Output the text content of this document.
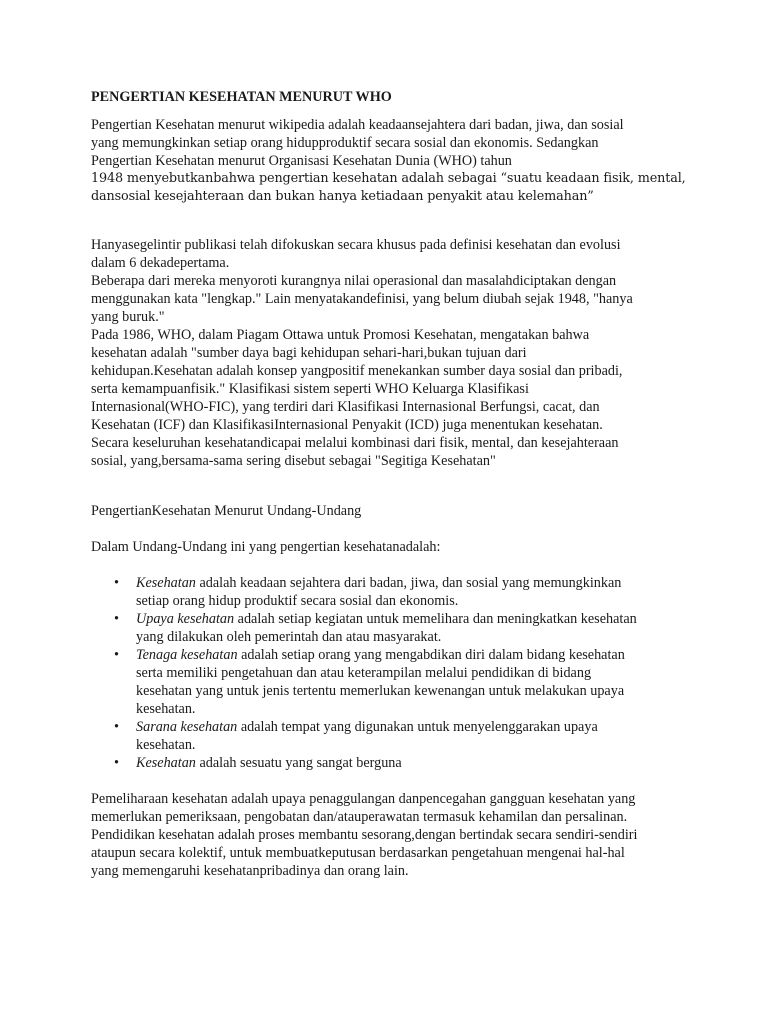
PENGERTIAN KESEHATAN MENURUT WHO
Pengertian Kesehatan menurut wikipedia adalah keadaansejahtera dari badan, jiwa, dan sosial
yang memungkinkan setiap orang hidupproduktif secara sosial dan ekonomis. Sedangkan
Pengertian Kesehatan menurut Organisasi Kesehatan Dunia (WHO) tahun
1948 menyebutkanbahwa pengertian kesehatan adalah sebagai “suatu keadaan fisik, mental,
dansosial kesejahteraan dan bukan hanya ketiadaan penyakit atau kelemahan”
Hanyasegelintir publikasi telah difokuskan secara khusus pada definisi kesehatan dan evolusi
dalam 6 dekadepertama.
Beberapa dari mereka menyoroti kurangnya nilai operasional dan masalahdiciptakan dengan
menggunakan kata "lengkap." Lain menyatakandefinisi, yang belum diubah sejak 1948, "hanya
yang buruk."
Pada 1986, WHO, dalam Piagam Ottawa untuk Promosi Kesehatan, mengatakan bahwa
kesehatan adalah "sumber daya bagi kehidupan sehari-hari,bukan tujuan dari
kehidupan.Kesehatan adalah konsep yangpositif menekankan sumber daya sosial dan pribadi,
serta kemampuanfisik." Klasifikasi sistem seperti WHO Keluarga Klasifikasi
Internasional(WHO-FIC), yang terdiri dari Klasifikasi Internasional Berfungsi, cacat, dan
Kesehatan (ICF) dan KlasifikasiInternasional Penyakit (ICD) juga menentukan kesehatan.
Secara keseluruhan kesehatandicapai melalui kombinasi dari fisik, mental, dan kesejahteraan
sosial, yang,bersama-sama sering disebut sebagai "Segitiga Kesehatan"
PengertianKesehatan Menurut Undang-Undang
Dalam Undang-Undang ini yang pengertian kesehatanadalah:
• Kesehatan adalah keadaan sejahtera dari badan, jiwa, dan sosial yang memungkinkan
setiap orang hidup produktif secara sosial dan ekonomis.
• Upaya kesehatan adalah setiap kegiatan untuk memelihara dan meningkatkan kesehatan
yang dilakukan oleh pemerintah dan atau masyarakat.
• Tenaga kesehatan adalah setiap orang yang mengabdikan diri dalam bidang kesehatan
serta memiliki pengetahuan dan atau keterampilan melalui pendidikan di bidang
kesehatan yang untuk jenis tertentu memerlukan kewenangan untuk melakukan upaya
kesehatan.
• Sarana kesehatan adalah tempat yang digunakan untuk menyelenggarakan upaya
kesehatan.
• Kesehatan adalah sesuatu yang sangat berguna
Pemeliharaan kesehatan adalah upaya penaggulangan danpencegahan gangguan kesehatan yang
memerlukan pemeriksaan, pengobatan dan/atauperawatan termasuk kehamilan dan persalinan.
Pendidikan kesehatan adalah proses membantu sesorang,dengan bertindak secara sendiri-sendiri
ataupun secara kolektif, untuk membuatkeputusan berdasarkan pengetahuan mengenai hal-hal
yang memengaruhi kesehatanpribadinya dan orang lain.
